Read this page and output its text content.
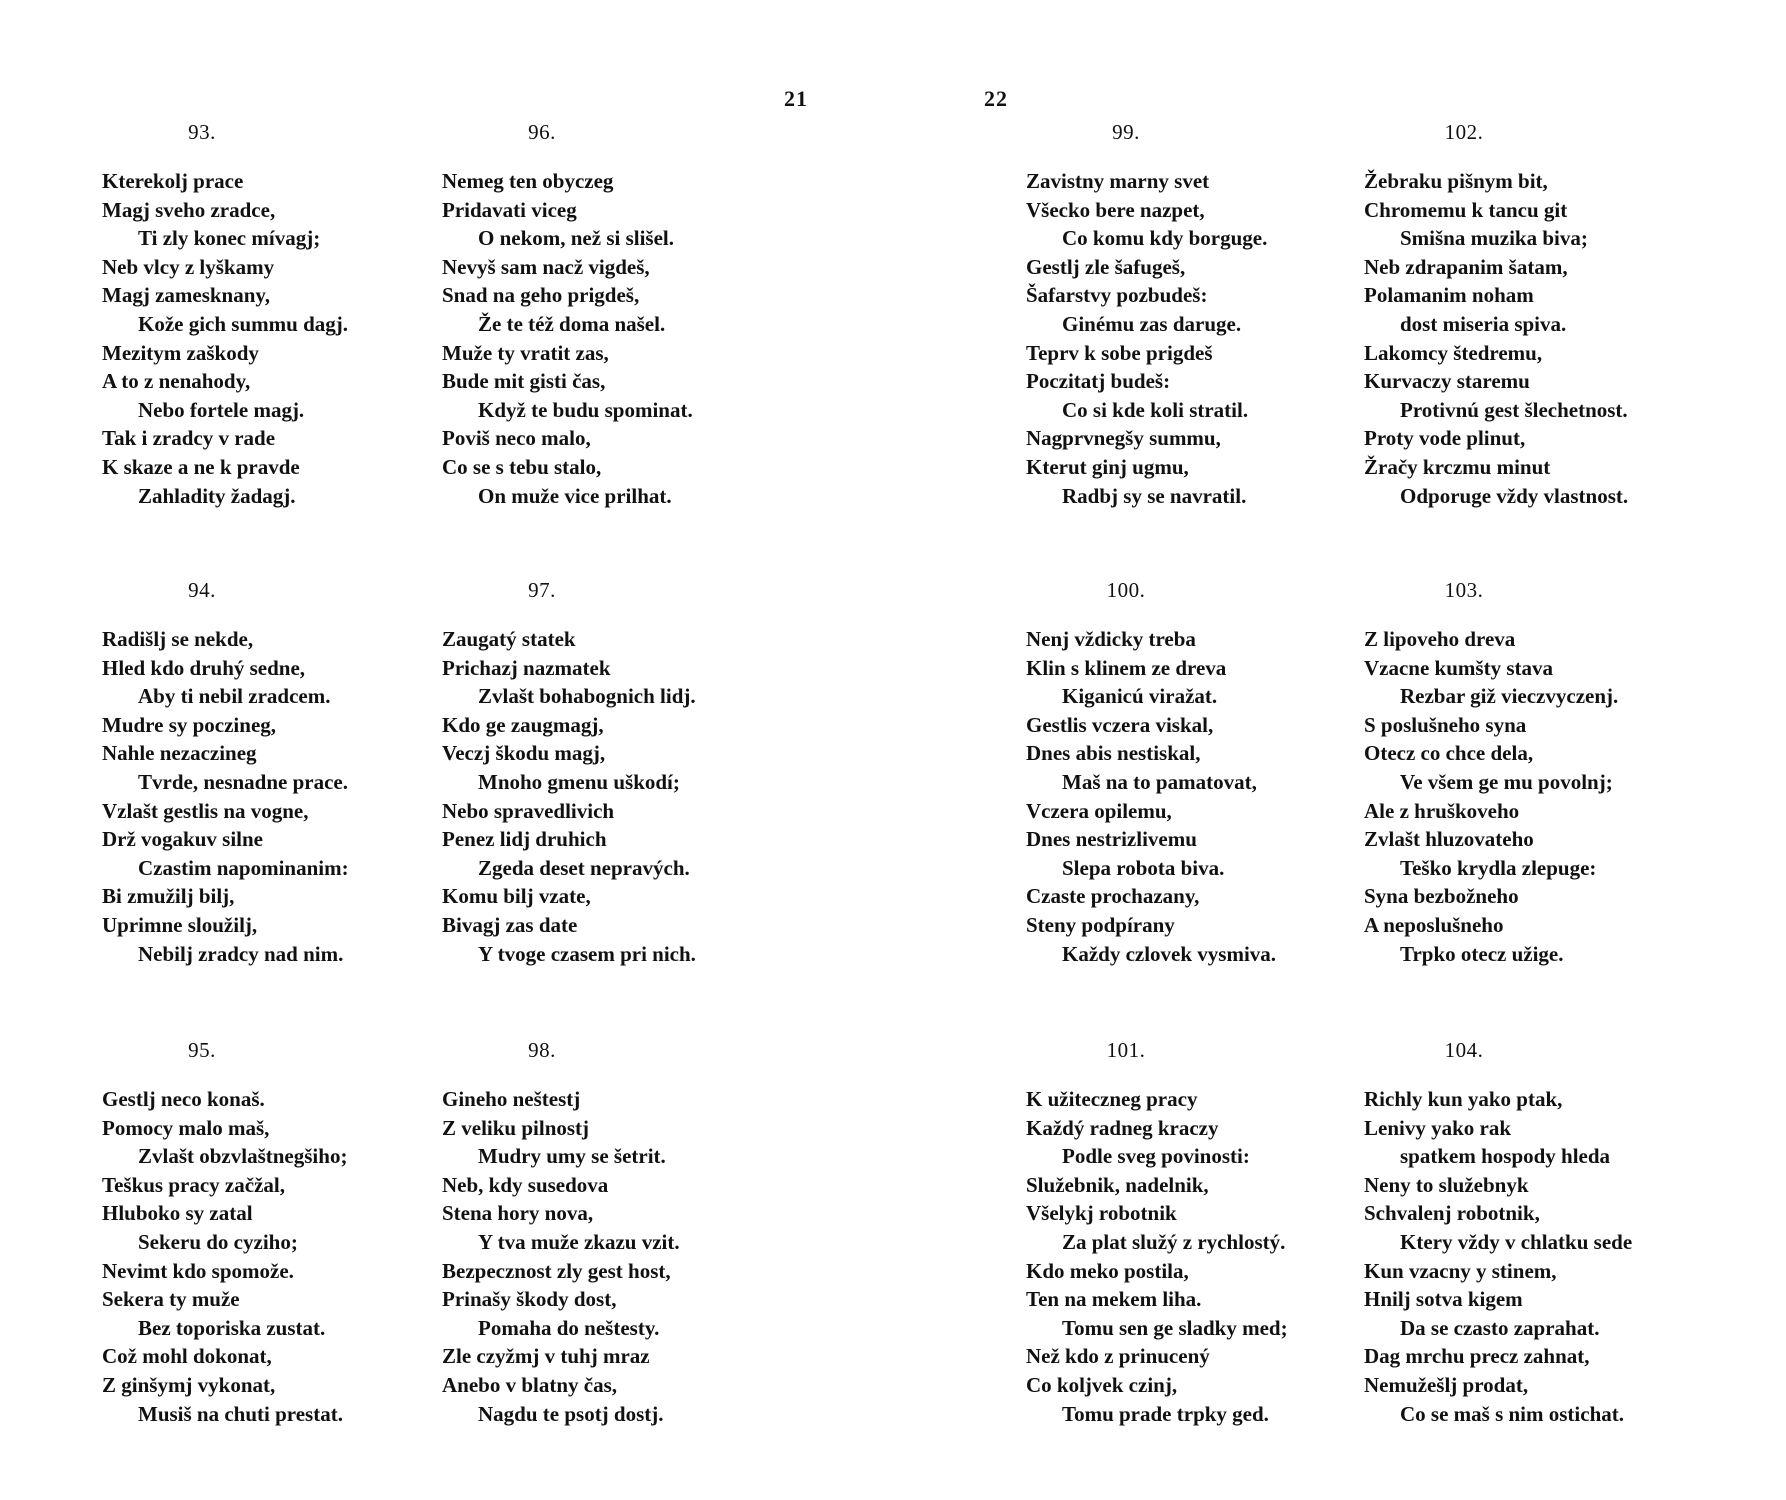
21	22
93.
Kterekolj prace
Magj sveho zradce,
Ti zly konec mívagj;
Neb vlcy z lyškamy
Magj zamesknany,
Kože gich summu dagj.
Mezitym zaškody
A to z nenahody,
Nebo fortele magj.
Tak i zradcy v rade
K skaze a ne k pravde
Zahladity žadagj.
94.
Radišlj se nekde,
Hled kdo druhý sedne,
Aby ti nebil zradcem.
Mudre sy poczineg,
Nahle nezaczineg
Tvrde, nesnadne prace.
Vzlašt gestlis na vogne,
Drž vogakuv silne
Czastim napominanim:
Bi zmužilj bilj,
Uprimne sloužilj,
Nebilj zradcy nad nim.
95.
Gestlj neco konaš.
Pomocy malo maš,
Zvlašt obzvlaštnegšiho;
Teškus pracy začžal,
Hluboko sy zatal
Sekeru do cyziho;
Nevimt kdo spomože.
Sekera ty muže
Bez toporiska zustat.
Což mohl dokonat,
Z ginšymj vykonat,
Musiš na chuti prestat.
96.
Nemeg ten obyczeg
Pridavati viceg
O nekom, než si slišel.
Nevyš sam nacž vigdeš,
Snad na geho prigdeš,
Že te též doma našel.
Muže ty vratit zas,
Bude mit gisti čas,
Když te budu spominat.
Poviš neco malo,
Co se s tebu stalo,
On muže vice prilhat.
97.
Zaugatý statek
Prichazj nazmatek
Zvlašt bohabognich lidj.
Kdo ge zaugmagj,
Veczj škodu magj,
Mnoho gmenu uškodí;
Nebo spravedlivich
Penez lidj druhich
Zgeda deset nepravých.
Komu bilj vzate,
Bivagj zas date
Y tvoge czasem pri nich.
98.
Gineho neštestj
Z veliku pilnostj
Mudry umy se šetrit.
Neb, kdy susedova
Stena hory nova,
Y tva muže zkazu vzit.
Bezpecznost zly gest host,
Prinašy škody dost,
Pomaha do neštesty.
Zle czyžmj v tuhj mraz
Anebo v blatny čas,
Nagdu te psotj dostj.
99.
Zavistny marny svet
Všecko bere nazpet,
Co komu kdy borguge.
Gestlj zle šafugeš,
Šafarstvy pozbudeš:
Ginému zas daruge.
Teprv k sobe prigdeš
Poczitatj budeš:
Co si kde koli stratil.
Nagprvnegšy summu,
Kterut ginj ugmu,
Radbj sy se navratil.
100.
Nenj vždicky treba
Klin s klinem ze dreva
Kiganicú viražat.
Gestlis vczera viskal,
Dnes abis nestiskal,
Maš na to pamatovat,
Vczera opilemu,
Dnes nestrizlivemu
Slepa robota biva.
Czaste prochazany,
Steny podpírany
Každy czlovek vysmiva.
101.
K užiteczneg pracy
Každý radneg kraczy
Podle sveg povinosti:
Služebnik, nadelnik,
Všelykj robotnik
Za plat služý z rychlostý.
Kdo meko postila,
Ten na mekem liha.
Tomu sen ge sladky med;
Než kdo z prinucený
Co koljvek czinj,
Tomu prade trpky ged.
102.
Žebraku pišnym bit,
Chromemu k tancu git
Smišna muzika biva;
Neb zdrapanim šatam,
Polamanim noham
dost miseria spiva.
Lakomcy štedremu,
Kurvaczy staremu
Protivnú gest šlechetnost.
Proty vode plinut,
Žračy krczmu minut
Odporuge vždy vlastnost.
103.
Z lipoveho dreva
Vzacne kumšty stava
Rezbar giž vieczvyczenj.
S poslušneho syna
Otecz co chce dela,
Ve všem ge mu povolnj;
Ale z hruškoveho
Zvlašt hluzovateho
Teško krydla zlepuge:
Syna bezbožneho
A neposlušneho
Trpko otecz užige.
104.
Richly kun yako ptak,
Lenivy yako rak
spatkem hospody hleda
Neny to služebnyk
Schvalenj robotnik,
Ktery vždy v chlatku sede
Kun vzacny y stinem,
Hnilj sotva kigem
Da se czasto zaprahat.
Dag mrchu precz zahnat,
Nemužešlj prodat,
Co se maš s nim ostichat.
